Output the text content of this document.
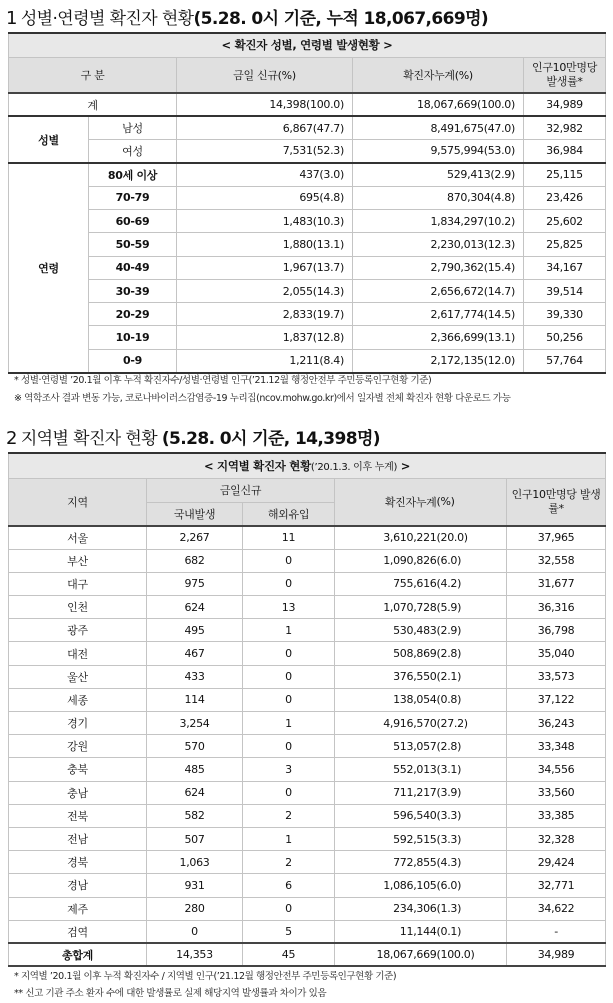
1 성별·연령별 확진자 현황(5.28. 0시 기준, 누적 18,067,669명)
< 확진자 성별, 연령별 발생현황 >				
구 분		금일 신규(%)	확진자누계(%)	인구10만명당 발생률*
계		14,398(100.0)	18,067,669(100.0)	34,989
성별	남성	6,867(47.7)	8,491,675(47.0)	32,982
	여성	7,531(52.3)	9,575,994(53.0)	36,984
연령	80세 이상	437(3.0)	529,413(2.9)	25,115
	70-79	695(4.8)	870,304(4.8)	23,426
	60-69	1,483(10.3)	1,834,297(10.2)	25,602
	50-59	1,880(13.1)	2,230,013(12.3)	25,825
	40-49	1,967(13.7)	2,790,362(15.4)	34,167
	30-39	2,055(14.3)	2,656,672(14.7)	39,514
	20-29	2,833(19.7)	2,617,774(14.5)	39,330
	10-19	1,837(12.8)	2,366,699(13.1)	50,256
	0-9	1,211(8.4)	2,172,135(12.0)	57,764
* 성별·연령별 ’20.1월 이후 누적 확진자수/성별·연령별 인구(’21.12월 행정안전부 주민등록인구현황 기준)
※ 역학조사 결과 변동 가능, 코로나바이러스감염증-19 누리집(ncov.mohw.go.kr)에서 일자별 전체 확진자 현황 다운로드 가능
2 지역별 확진자 현황 (5.28. 0시 기준, 14,398명)
< 지역별 확진자 현황(’20.1.3. 이후 누계) >					
지역	금일신규		확진자누계	(%)	인구10만명당 발생률*
	국내발생	해외유입			
서울	2,267	11	3,610,221	(20.0)	37,965
부산	682	0	1,090,826	(6.0)	32,558
대구	975	0	755,616	(4.2)	31,677
인천	624	13	1,070,728	(5.9)	36,316
광주	495	1	530,483	(2.9)	36,798
대전	467	0	508,869	(2.8)	35,040
울산	433	0	376,550	(2.1)	33,573
세종	114	0	138,054	(0.8)	37,122
경기	3,254	1	4,916,570	(27.2)	36,243
강원	570	0	513,057	(2.8)	33,348
충북	485	3	552,013	(3.1)	34,556
충남	624	0	711,217	(3.9)	33,560
전북	582	2	596,540	(3.3)	33,385
전남	507	1	592,515	(3.3)	32,328
경북	1,063	2	772,855	(4.3)	29,424
경남	931	6	1,086,105	(6.0)	32,771
제주	280	0	234,306	(1.3)	34,622
검역	0	5	11,144	(0.1)	-
총합계	14,353	45	18,067,669	(100.0)	34,989
* 지역별 ’20.1월 이후 누적 확진자수 / 지역별 인구(’21.12월 행정안전부 주민등록인구현황 기준)
** 신고 기관 주소 환자 수에 대한 발생률로 실제 해당지역 발생률과 차이가 있음
